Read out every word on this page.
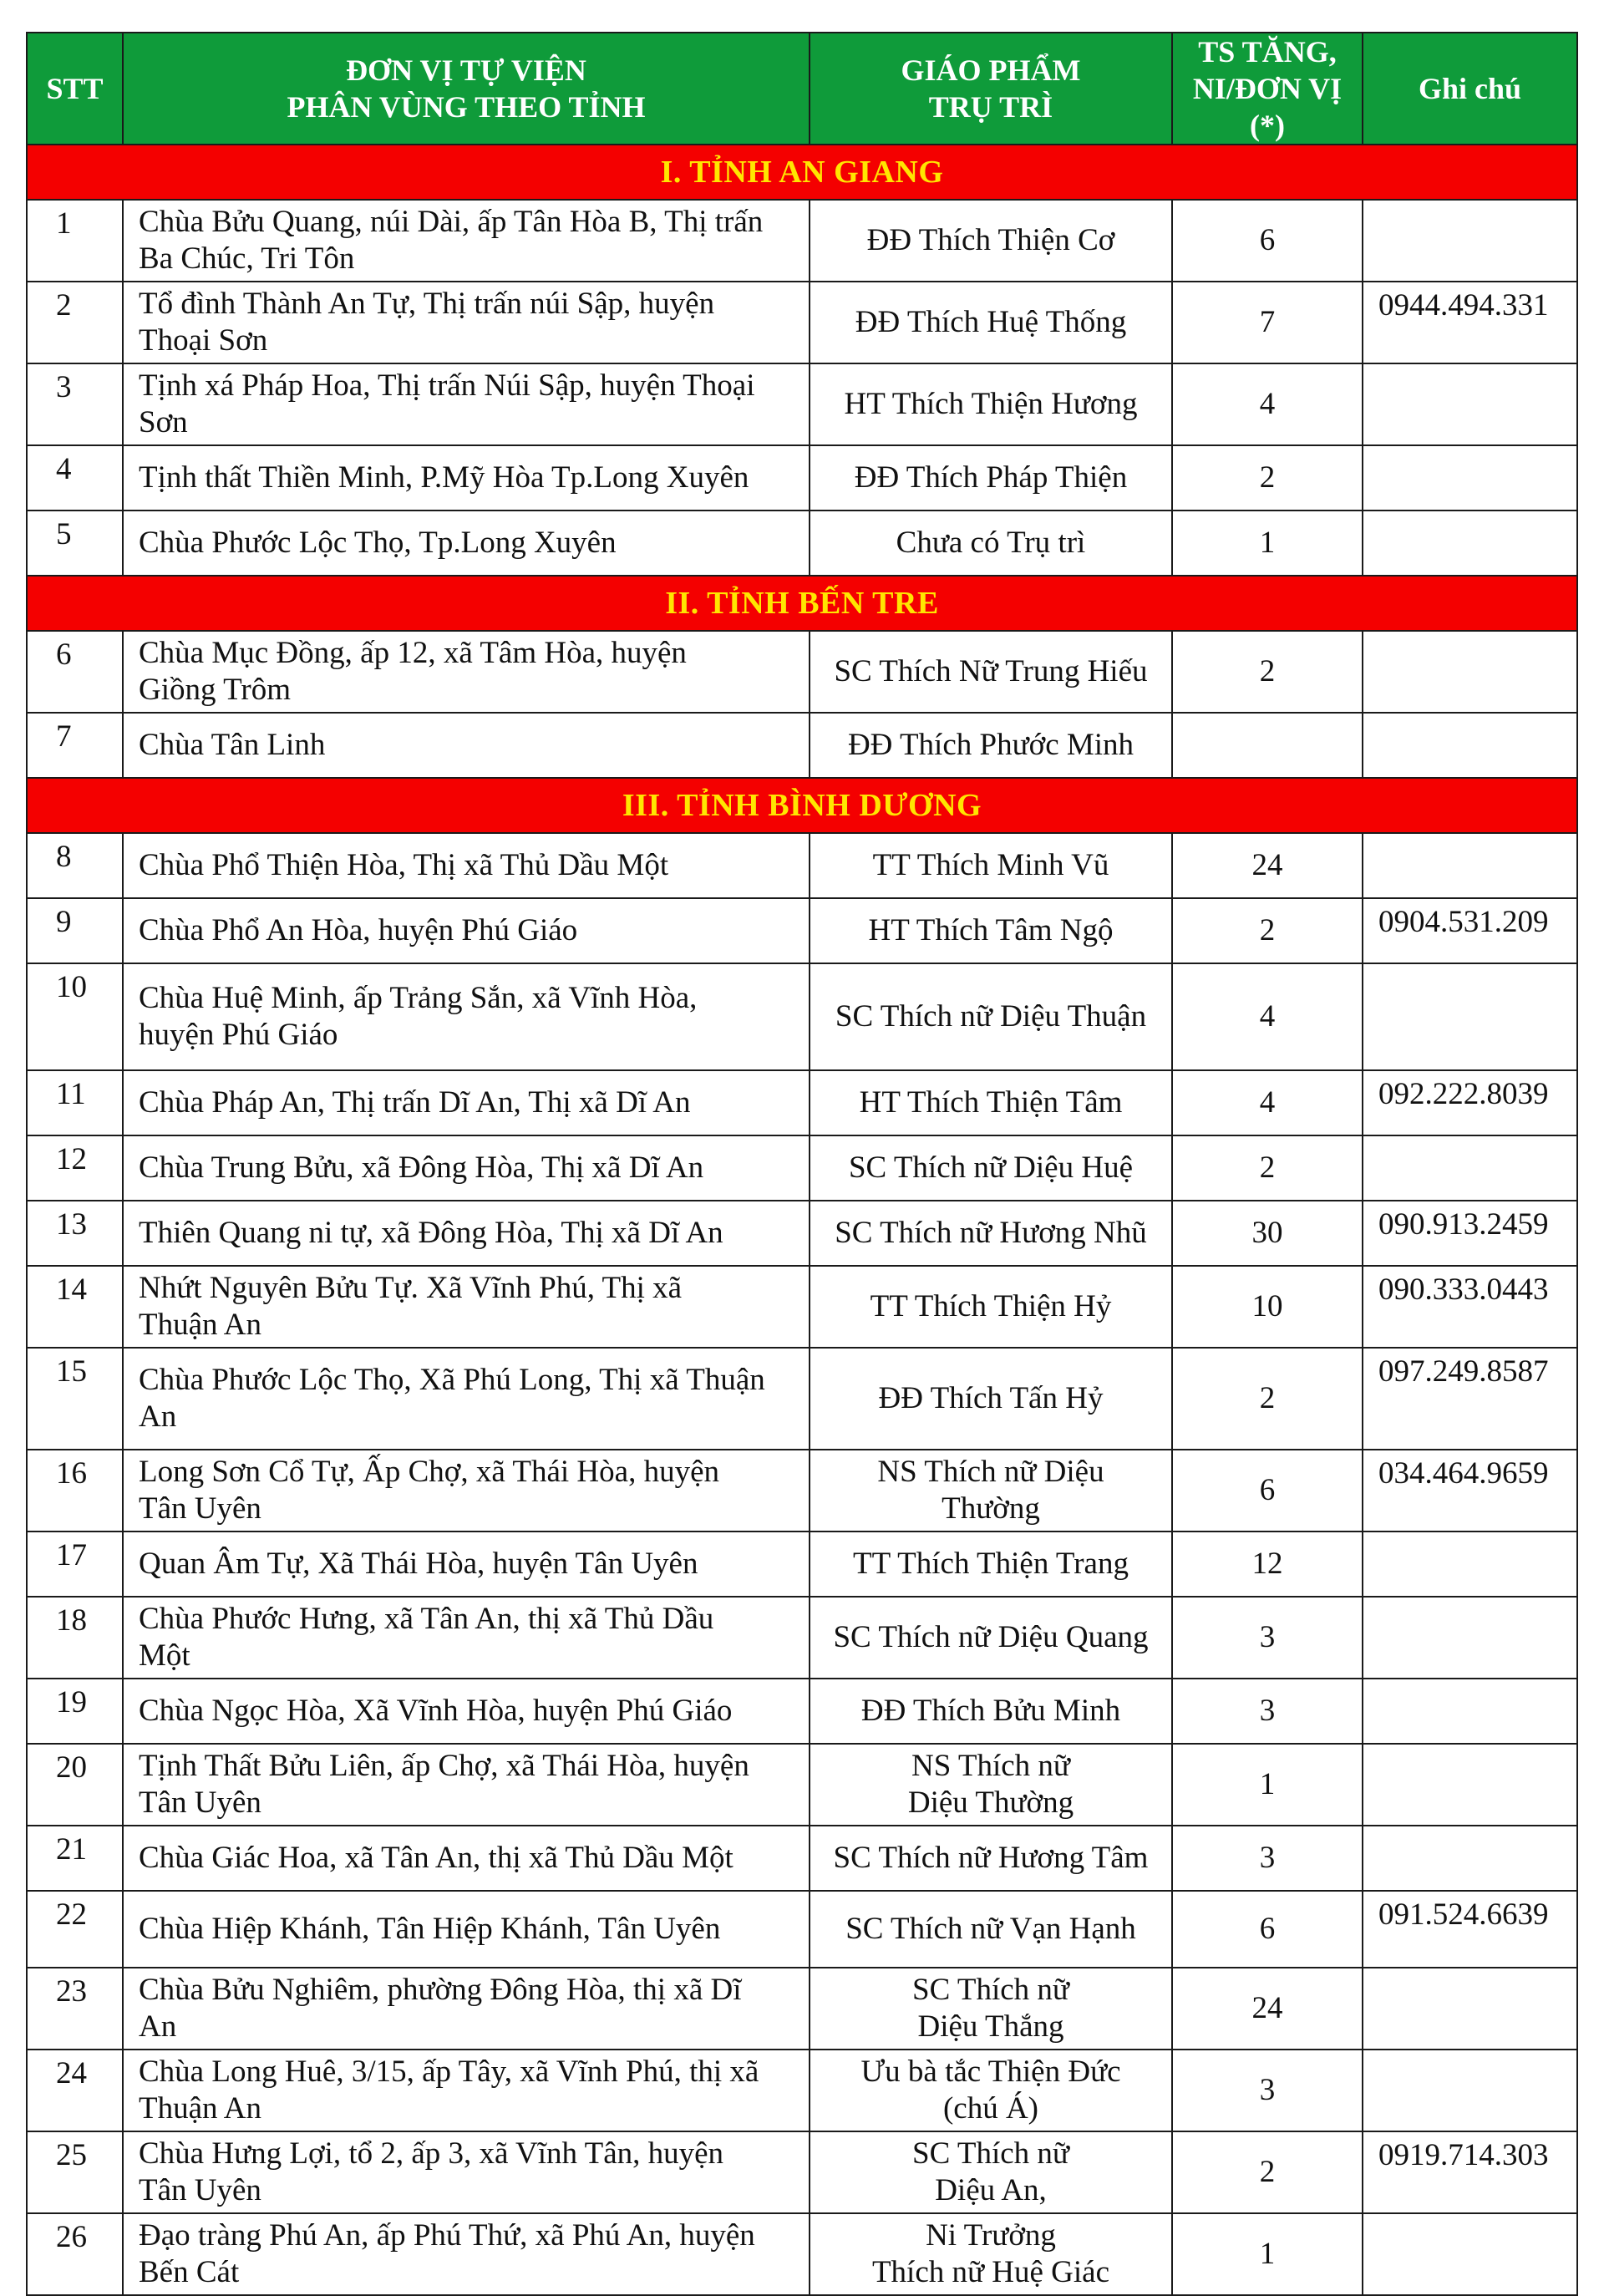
STT	ĐƠN VỊ TỰ VIỆN
PHÂN VÙNG THEO TỈNH	GIÁO PHẨM
TRỤ TRÌ	TS TĂNG,
NI/ĐƠN VỊ
(*)	Ghi chú
I. TỈNH AN GIANG				
1	Chùa Bửu Quang, núi Dài, ấp Tân Hòa B, Thị trấn
Ba Chúc, Tri Tôn	ĐĐ Thích Thiện Cơ	6	
2	Tổ đình Thành An Tự, Thị trấn núi Sập, huyện
Thoại Sơn	ĐĐ Thích Huệ Thống	7	0944.494.331
3	Tịnh xá Pháp Hoa, Thị trấn Núi Sập, huyện Thoại
Sơn	HT Thích Thiện Hương	4	
4	Tịnh thất Thiền Minh, P.Mỹ Hòa Tp.Long Xuyên	ĐĐ Thích Pháp Thiện	2	
5	Chùa Phước Lộc Thọ, Tp.Long Xuyên	Chưa có Trụ trì	1	
II. TỈNH BẾN TRE				
6	Chùa Mục Đồng, ấp 12, xã Tâm Hòa, huyện
Giồng Trôm	SC Thích Nữ Trung Hiếu	2	
7	Chùa Tân Linh	ĐĐ Thích Phước Minh		

III. TỈNH BÌNH DƯƠNG				
8	Chùa Phổ Thiện Hòa, Thị xã Thủ Dầu Một	TT Thích Minh Vũ	24	
9	Chùa Phổ An Hòa, huyện Phú Giáo	HT Thích Tâm Ngộ	2	0904.531.209
10	Chùa Huệ Minh, ấp Trảng Sắn, xã Vĩnh Hòa,
huyện Phú Giáo	SC Thích nữ Diệu Thuận	4	
11	Chùa Pháp An, Thị trấn Dĩ An, Thị xã Dĩ An	HT Thích Thiện Tâm	4	092.222.8039
12	Chùa Trung Bửu, xã Đông Hòa, Thị xã Dĩ An	SC Thích nữ Diệu Huệ	2	
13	Thiên Quang ni tự, xã Đông Hòa, Thị xã Dĩ An	SC Thích nữ Hương Nhũ	30	090.913.2459
14	Nhứt Nguyên Bửu Tự. Xã Vĩnh Phú, Thị xã
Thuận An	TT Thích Thiện Hỷ	10	090.333.0443
15	Chùa Phước Lộc Thọ, Xã Phú Long, Thị xã Thuận
An	ĐĐ Thích Tấn Hỷ	2	097.249.8587
16	Long Sơn Cổ Tự, Ấp Chợ, xã Thái Hòa, huyện
Tân Uyên	NS Thích nữ Diệu
Thường	6	034.464.9659
17	Quan Âm Tự, Xã Thái Hòa, huyện Tân Uyên	TT Thích Thiện Trang	12	
18	Chùa Phước Hưng, xã Tân An, thị xã Thủ Dầu
Một	SC Thích nữ Diệu Quang	3	
19	Chùa Ngọc Hòa, Xã Vĩnh Hòa, huyện Phú Giáo	ĐĐ Thích Bửu Minh	3	
20	Tịnh Thất Bửu Liên, ấp Chợ, xã Thái Hòa, huyện
Tân Uyên	NS Thích nữ
Diệu Thường	1	
21	Chùa Giác Hoa, xã Tân An, thị xã Thủ Dầu Một	SC Thích nữ Hương Tâm	3	
22	Chùa Hiệp Khánh, Tân Hiệp Khánh, Tân Uyên	SC Thích nữ Vạn Hạnh	6	091.524.6639
23	Chùa Bửu Nghiêm, phường Đông Hòa, thị xã Dĩ
An	SC Thích nữ
Diệu Thắng	24	
24	Chùa Long Huê, 3/15, ấp Tây, xã Vĩnh Phú, thị xã
Thuận An	Ưu bà tắc Thiện Đức
(chú Á)	3	
25	Chùa Hưng Lợi, tổ 2, ấp 3, xã Vĩnh Tân, huyện
Tân Uyên	SC Thích nữ
Diệu An,	2	0919.714.303
26	Đạo tràng Phú An, ấp Phú Thứ, xã Phú An, huyện
Bến Cát	Ni Trưởng
Thích nữ Huệ Giác	1	
